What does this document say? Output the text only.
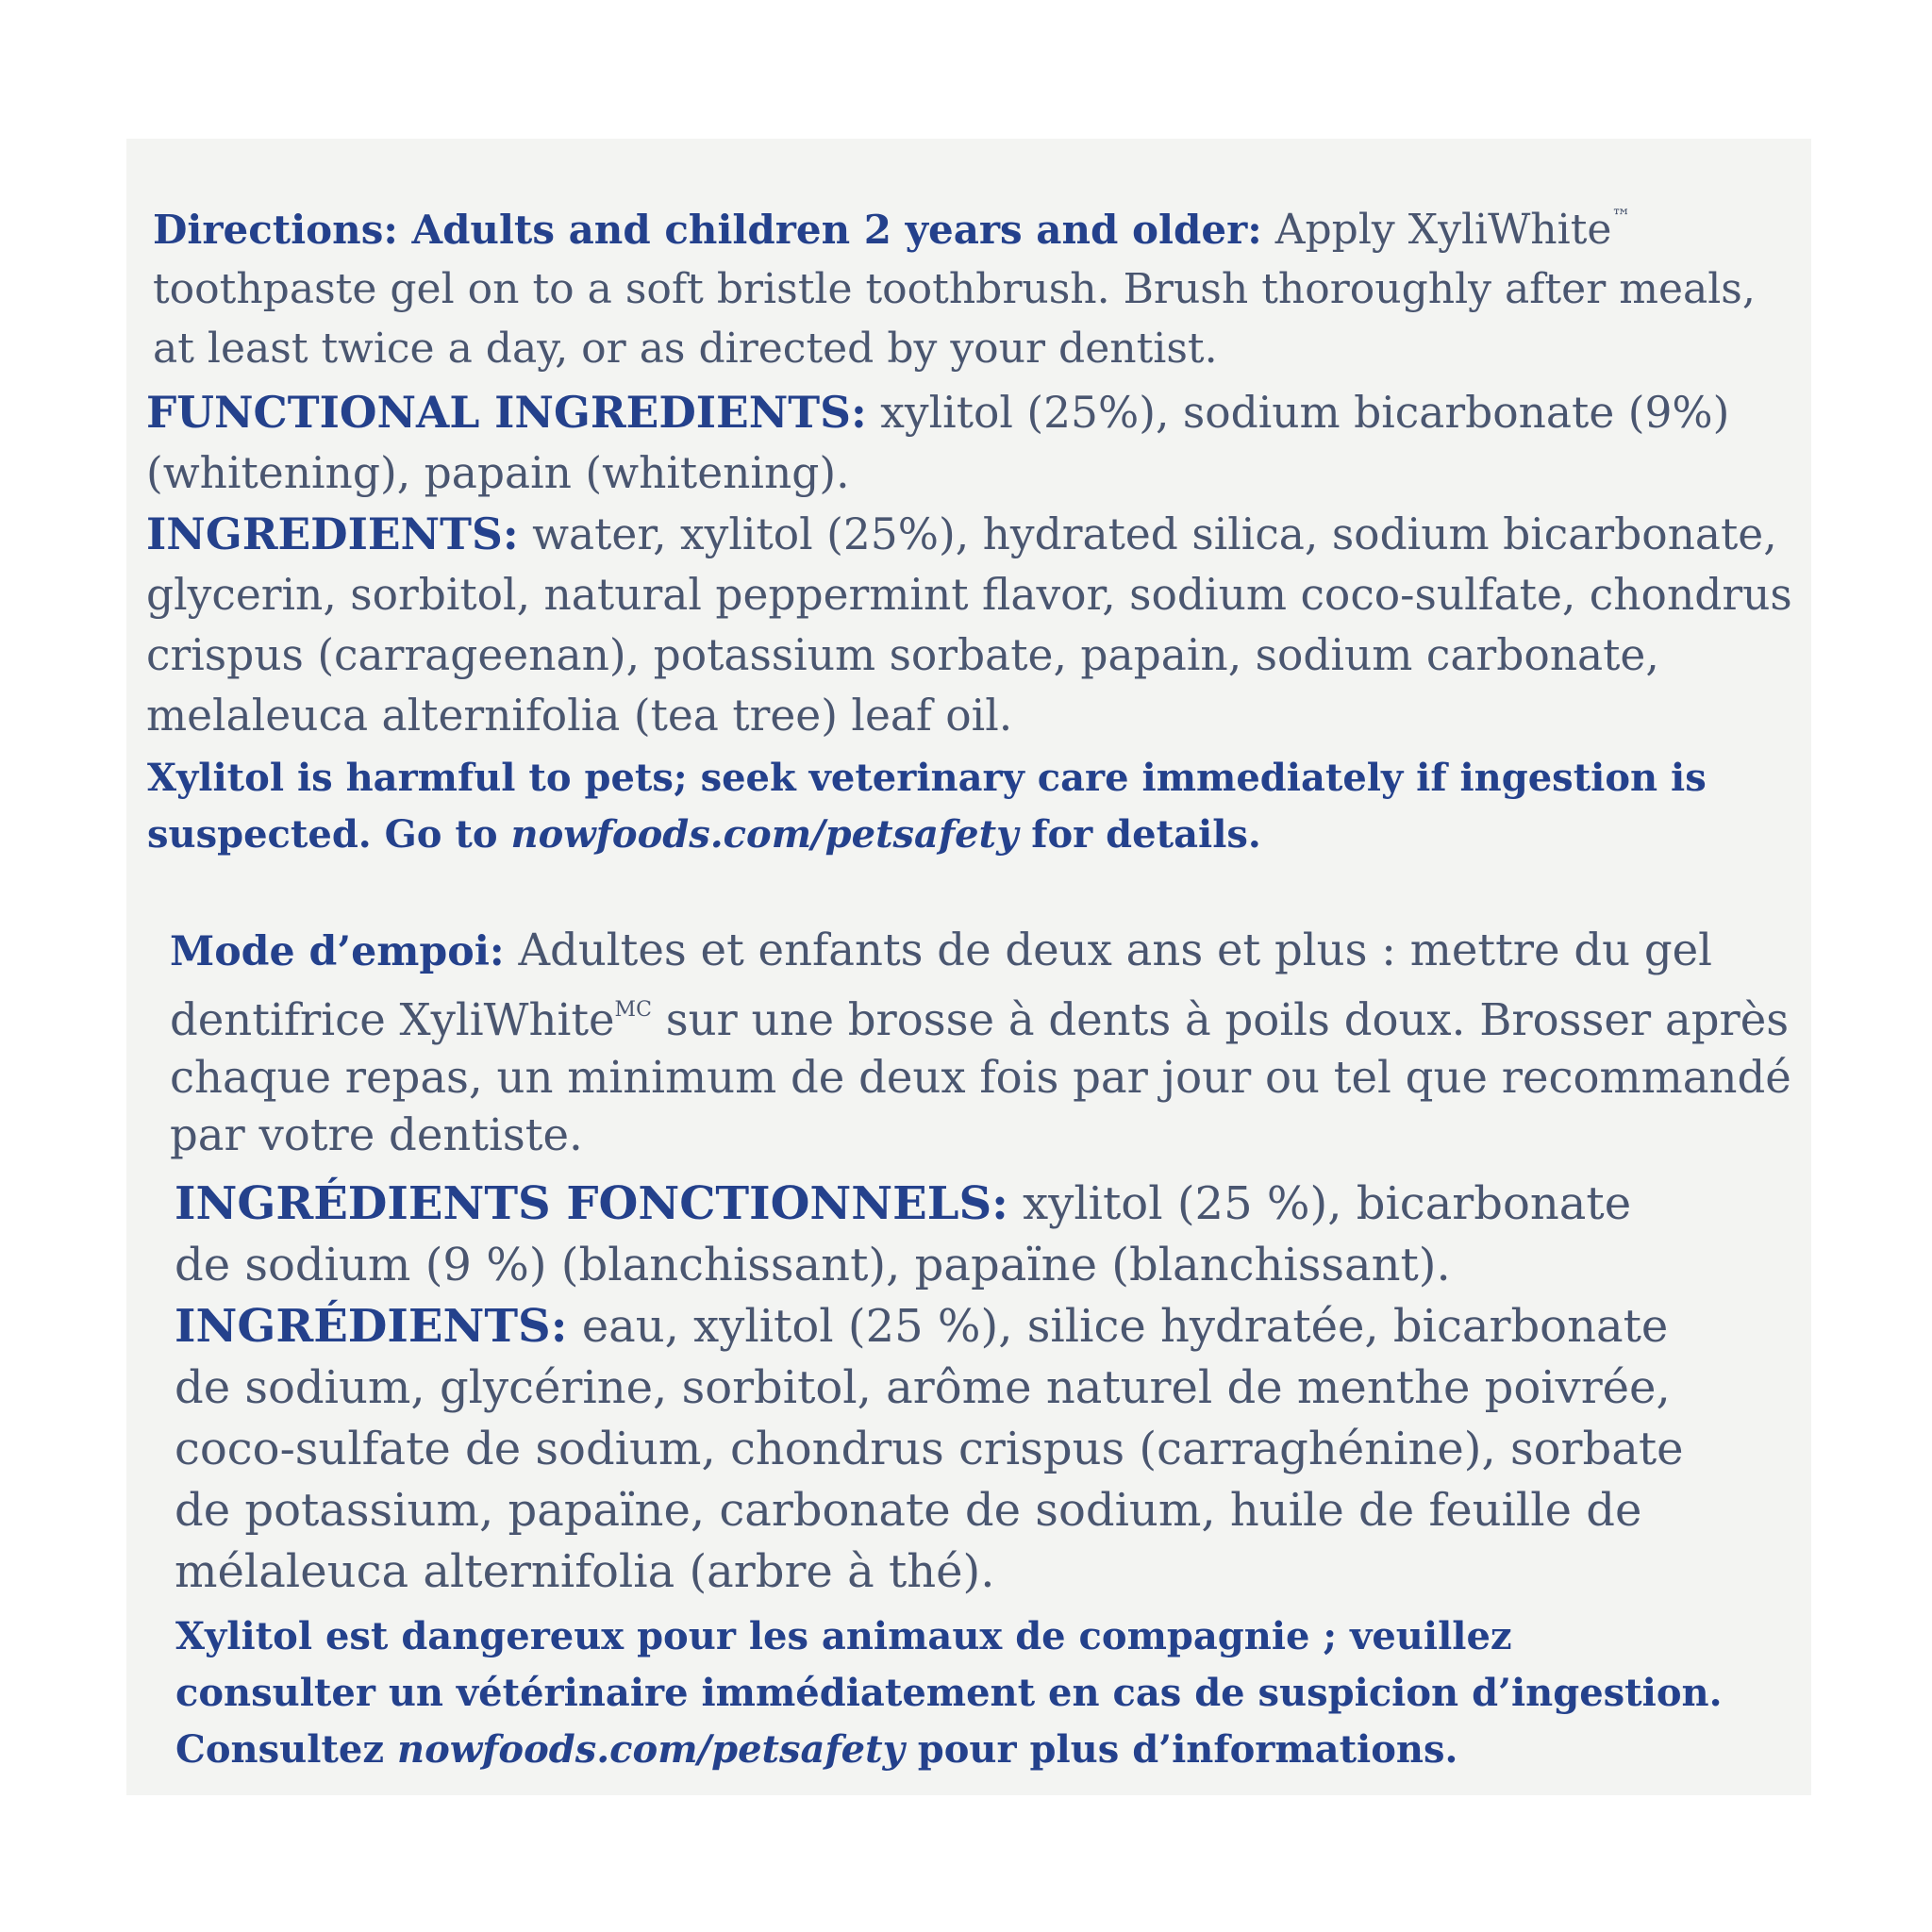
Directions: Adults and children 2 years and older: Apply XyliWhite™
toothpaste gel on to a soft bristle toothbrush. Brush thoroughly after meals,
at least twice a day, or as directed by your dentist.
FUNCTIONAL INGREDIENTS: xylitol (25%), sodium bicarbonate (9%)
(whitening), papain (whitening).
INGREDIENTS: water, xylitol (25%), hydrated silica, sodium bicarbonate,
glycerin, sorbitol, natural peppermint flavor, sodium coco-sulfate, chondrus
crispus (carrageenan), potassium sorbate, papain, sodium carbonate,
melaleuca alternifolia (tea tree) leaf oil.
Xylitol is harmful to pets; seek veterinary care immediately if ingestion is
suspected. Go to nowfoods.com/petsafety for details.
Mode d’empoi: Adultes et enfants de deux ans et plus : mettre du gel
dentifrice XyliWhite$^{MC}$ sur une brosse à dents à poils doux. Brosser après
chaque repas, un minimum de deux fois par jour ou tel que recommandé
par votre dentiste.
INGRÉDIENTS FONCTIONNELS: xylitol (25 %), bicarbonate
de sodium (9 %) (blanchissant), papaïne (blanchissant).
INGRÉDIENTS: eau, xylitol (25 %), silice hydratée, bicarbonate
de sodium, glycérine, sorbitol, arôme naturel de menthe poivrée,
coco-sulfate de sodium, chondrus crispus (carraghénine), sorbate
de potassium, papaïne, carbonate de sodium, huile de feuille de
mélaleuca alternifolia (arbre à thé).
Xylitol est dangereux pour les animaux de compagnie ; veuillez
consulter un vétérinaire immédiatement en cas de suspicion d’ingestion.
Consultez nowfoods.com/petsafety pour plus d’informations.
